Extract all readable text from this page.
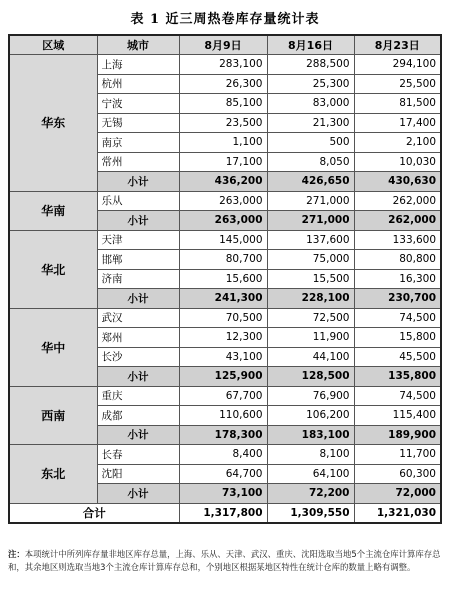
表 1 近三周热卷库存量统计表
区域	城市	8月9日	8月16日	8月23日
华东	上海	283,100	288,500	294,100
	杭州	26,300	25,300	25,500
	宁波	85,100	83,000	81,500
	无锡	23,500	21,300	17,400
	南京	1,100	500	2,100
	常州	17,100	8,050	10,030
	小计	436,200	426,650	430,630
华南	乐从	263,000	271,000	262,000
	小计	263,000	271,000	262,000
华北	天津	145,000	137,600	133,600
	邯郸	80,700	75,000	80,800
	济南	15,600	15,500	16,300
	小计	241,300	228,100	230,700
华中	武汉	70,500	72,500	74,500
	郑州	12,300	11,900	15,800
	长沙	43,100	44,100	45,500
	小计	125,900	128,500	135,800
西南	重庆	67,700	76,900	74,500
	成都	110,600	106,200	115,400
	小计	178,300	183,100	189,900
东北	长春	8,400	8,100	11,700
	沈阳	64,700	64,100	60,300
	小计	73,100	72,200	72,000
合计		1,317,800	1,309,550	1,321,030
注：本项统计中所列库存量非地区库存总量，上海、乐从、天津、武汉、重庆、沈阳选取当地5个主流仓库计算库存总和，其余地区则选取当地3个主流仓库计算库存总和，个别地区根据某地区特性在统计仓库的数量上略有调整。
